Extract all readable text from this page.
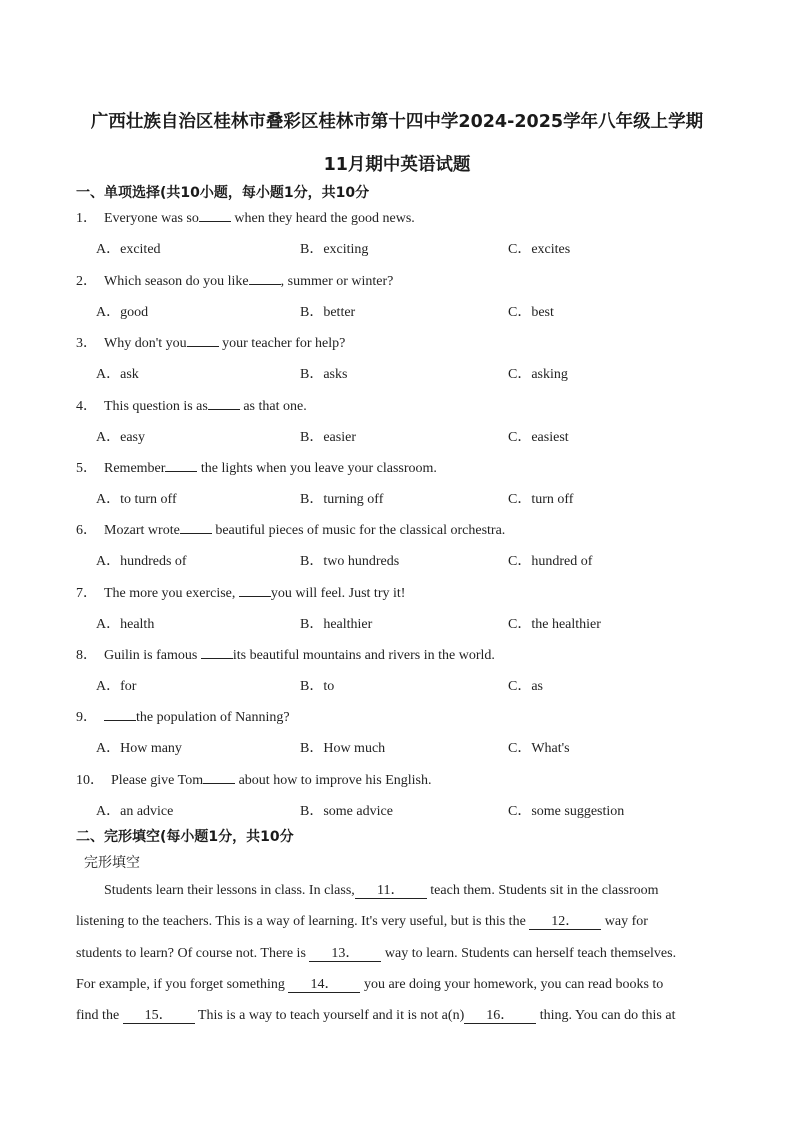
广西壮族自治区桂林市叠彩区桂林市第十四中学2024-2025学年八年级上学期
11月期中英语试题
一、单项选择(共10小题，每小题1分，共10分
1． Everyone was so when they heard the good news.
A．excited	B．exciting	C．excites
2． Which season do you like , summer or winter?
A．good	B．better	C．best
3． Why don't you your teacher for help?
A．ask	B．asks	C．asking
4． This question is as as that one.
A．easy	B．easier	C．easiest
5． Remember the lights when you leave your classroom.
A．to turn off	B．turning off	C．turn off
6． Mozart wrote beautiful pieces of music for the classical orchestra.
A．hundreds of	B．two hundreds	C．hundred of
7． The more you exercise, you will feel. Just try it!
A．health	B．healthier	C．the healthier
8． Guilin is famous its beautiful mountains and rivers in the world.
A．for	B．to	C．as
9．	the population of Nanning?
A．How many	B．How much	C．What's
10． Please give Tom about how to improve his English.
A．an advice	B．some advice	C．some suggestion
二、完形填空(每小题1分，共10分
完形填空
Students learn their lessons in class. In class, 11． teach them. Students sit in the classroom
listening to the teachers. This is a way of learning. It's very useful, but is this the 12． way for
students to learn? Of course not. There is 13． way to learn. Students can herself teach themselves.
For example, if you forget something 14． you are doing your homework, you can read books to
find the 15． This is a way to teach yourself and it is not a(n) 16． thing. You can do this at
